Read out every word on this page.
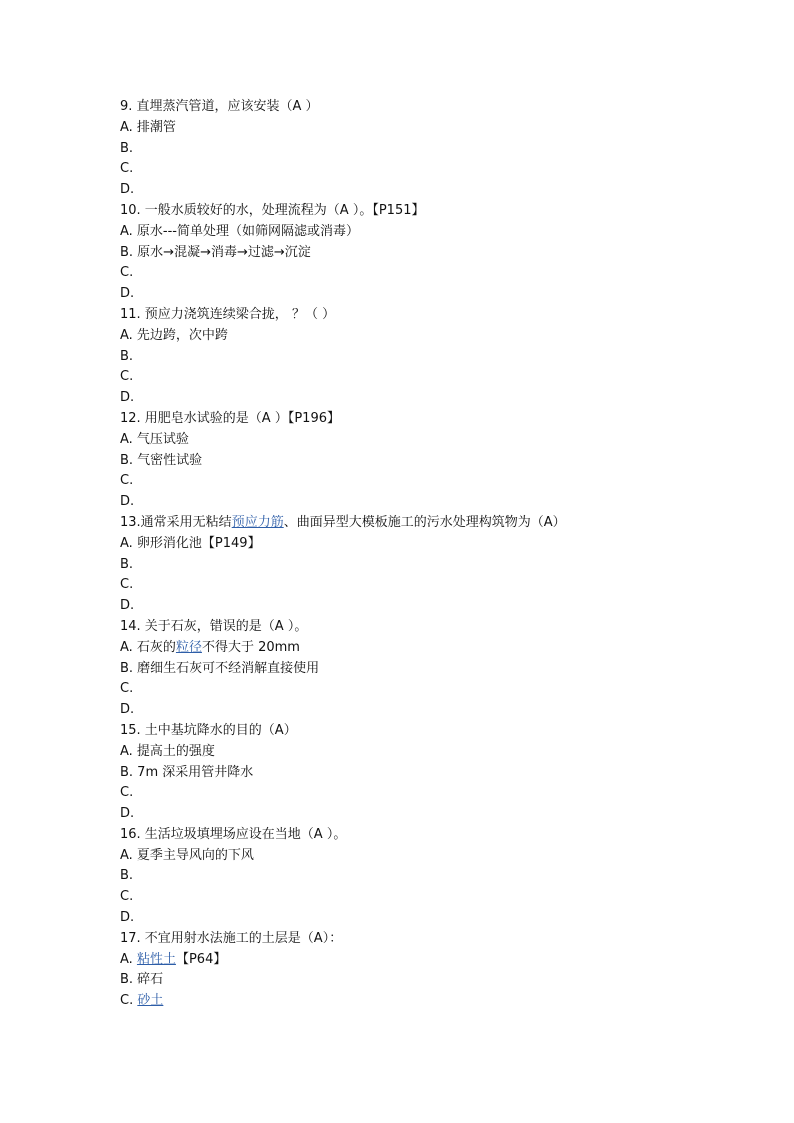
9. 直埋蒸汽管道，应该安装（A ）
A. 排潮管
B.
C.
D.
10. 一般水质较好的水，处理流程为（A ）。【P151】
A. 原水---简单处理（如筛网隔滤或消毒）
B. 原水→混凝→消毒→过滤→沉淀
C.
D.
11. 预应力浇筑连续梁合拢， ？（ ）
A. 先边跨，次中跨
B.
C.
D.
12. 用肥皂水试验的是（A ）【P196】
A. 气压试验
B. 气密性试验
C.
D.
13.通常采用无粘结预应力筋、曲面异型大模板施工的污水处理构筑物为（A）
A. 卵形消化池【P149】
B.
C.
D.
14. 关于石灰，错误的是（A ）。
A. 石灰的粒径不得大于 20mm
B. 磨细生石灰可不经消解直接使用
C.
D.
15. 土中基坑降水的目的（A）
A. 提高土的强度
B. 7m 深采用管井降水
C.
D.
16. 生活垃圾填埋场应设在当地（A ）。
A. 夏季主导风向的下风
B.
C.
D.
17. 不宜用射水法施工的土层是（A）：
A. 粘性土【P64】
B. 碎石
C. 砂土
